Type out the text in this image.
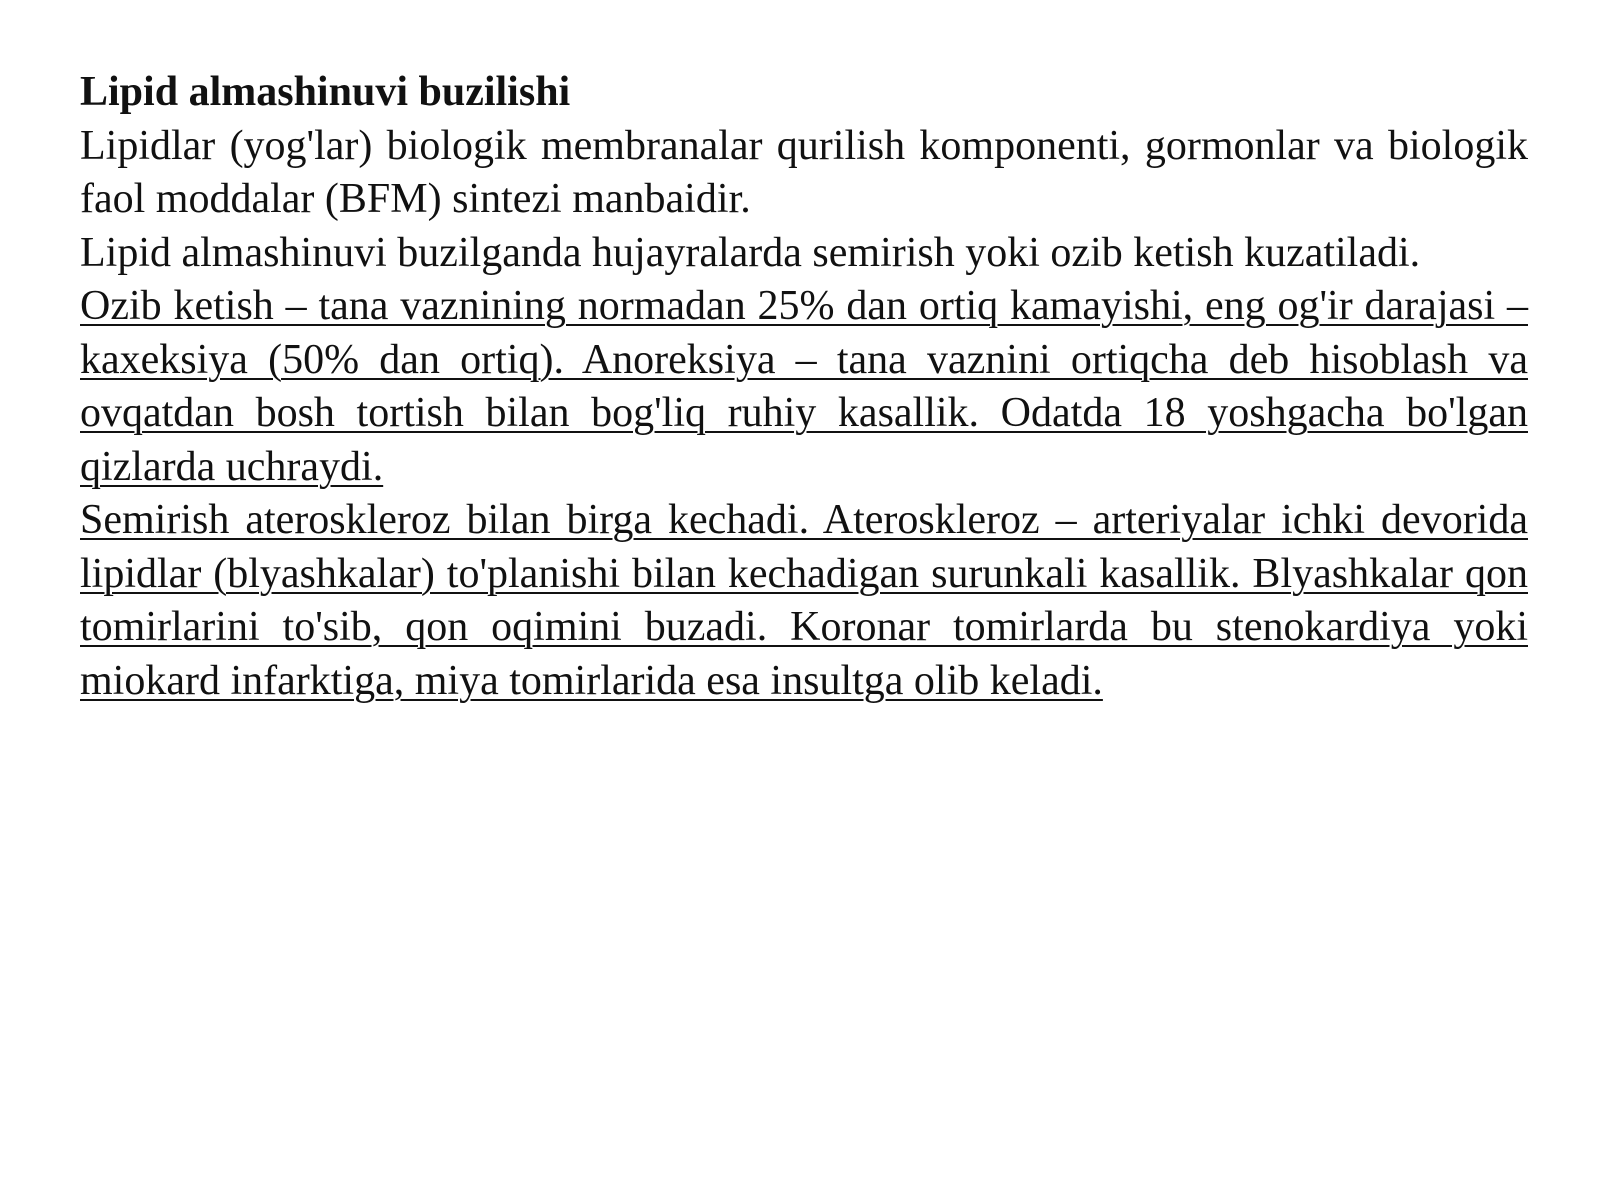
Lipid almashinuvi buzilishi

Lipidlar (yog'lar) biologik membranalar qurilish komponenti, gormonlar va biologik faol moddalar (BFM) sintezi manbaidir.

Lipid almashinuvi buzilganda hujayralarda semirish yoki ozib ketish kuzatiladi.

Ozib ketish – tana vaznining normadan 25% dan ortiq kamayishi, eng og'ir darajasi – kaxeksiya (50% dan ortiq). Anoreksiya – tana vaznini ortiqcha deb hisoblash va ovqatdan bosh tortish bilan bog'liq ruhiy kasallik. Odatda 18 yoshgacha bo'lgan qizlarda uchraydi.

Semirish ateroskleroz bilan birga kechadi. Ateroskleroz – arteriyalar ichki devorida lipidlar (blyashkalar) to'planishi bilan kechadigan surunkali kasallik. Blyashkalar qon tomirlarini to'sib, qon oqimini buzadi. Koronar tomirlarda bu stenokardiya yoki miokard infarktiga, miya tomirlarida esa insultga olib keladi.
